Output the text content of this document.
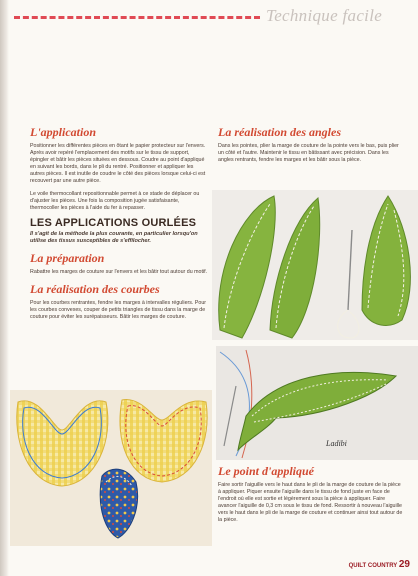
Technique facile
L'application

Positionner les différentes pièces en ôtant le papier protecteur sur l'envers. Après avoir repéré l'emplacement des motifs sur le tissu de support, épingler et bâtir les pièces situées en dessous. Coudre au point d'appliqué en suivant les bords, dans le pli du rentré. Positionner et appliquer les autres pièces. Il est inutile de coudre le côté des pièces lorsque celui-ci est recouvert par une autre pièce.

Le voile thermocollant repositionnable permet à ce stade de déplacer ou d'ajuster les pièces. Une fois la composition jugée satisfaisante, thermocoller les pièces à l'aide du fer à repasser.

LES APPLICATIONS OURLÉES

Il s'agit de la méthode la plus courante, en particulier lorsqu'on utilise des tissus susceptibles de s'effilocher.

La préparation

Rabattre les marges de couture sur l'envers et les bâtir tout autour du motif.

La réalisation des courbes

Pour les courbes rentrantes, fendre les marges à intervalles réguliers. Pour les courbes convexes, couper de petits triangles de tissu dans la marge de couture pour éviter les surépaisseurs. Bâtir les marges de couture.

La réalisation des angles

Dans les pointes, plier la marge de couture de la pointe vers le bas, puis plier un côté et l'autre. Maintenir le tissu en bâtissant avec précision. Dans les angles rentrants, fendre les marges et les bâtir sous la pièce.

Ladibi
Le point d'appliqué

Faire sortir l'aiguille vers le haut dans le pli de la marge de couture de la pièce à appliquer. Piquer ensuite l'aiguille dans le tissu de fond juste en face de l'endroit où elle est sortie et légèrement sous la pièce à appliquer. Faire avancer l'aiguille de 0,3 cm sous le tissu de fond. Ressortir à nouveau l'aiguille vers le haut dans le pli de la marge de couture et continuer ainsi tout autour de la pièce.

QUILT COUNTRY 29
